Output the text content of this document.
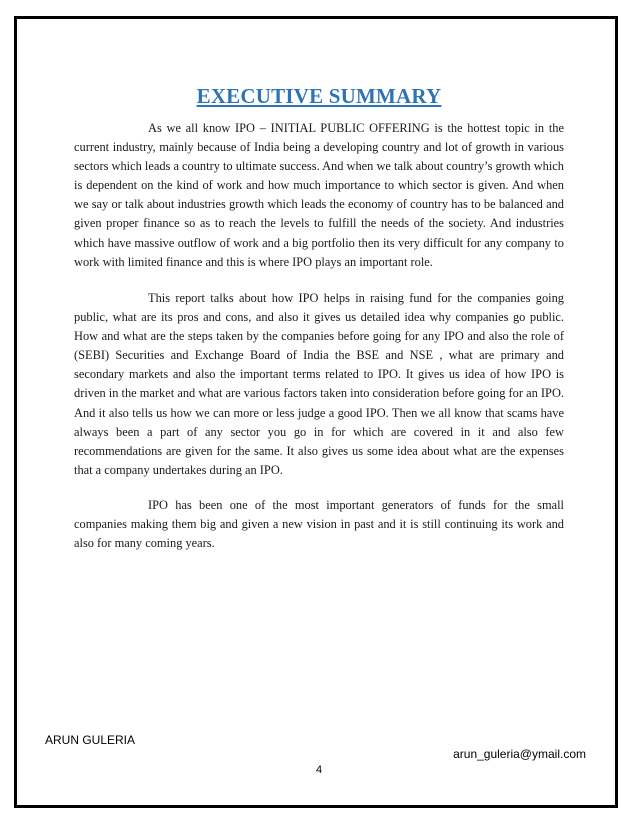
EXECUTIVE SUMMARY

As we all know IPO – INITIAL PUBLIC OFFERING is the hottest topic in the current industry, mainly because of India being a developing country and lot of growth in various sectors which leads a country to ultimate success. And when we talk about country’s growth which is dependent on the kind of work and how much importance to which sector is given. And when we say or talk about industries growth which leads the economy of country has to be balanced and given proper finance so as to reach the levels to fulfill the needs of the society. And industries which have massive outflow of work and a big portfolio then its very difficult for any company to work with limited finance and this is where IPO plays an important role.

This report talks about how IPO helps in raising fund for the companies going public, what are its pros and cons, and also it gives us detailed idea why companies go public. How and what are the steps taken by the companies before going for any IPO and also the role of (SEBI) Securities and Exchange Board of India the BSE and NSE , what are primary and secondary markets and also the important terms related to IPO. It gives us idea of how IPO is driven in the market and what are various factors taken into consideration before going for an IPO. And it also tells us how we can more or less judge a good IPO. Then we all know that scams have always been a part of any sector you go in for which are covered in it and also few recommendations are given for the same. It also gives us some idea about what are the expenses that a company undertakes during an IPO.

IPO has been one of the most important generators of funds for the small companies making them big and given a new vision in past and it is still continuing its work and also for many coming years.

ARUN GULERIA
arun_guleria@ymail.com
4
